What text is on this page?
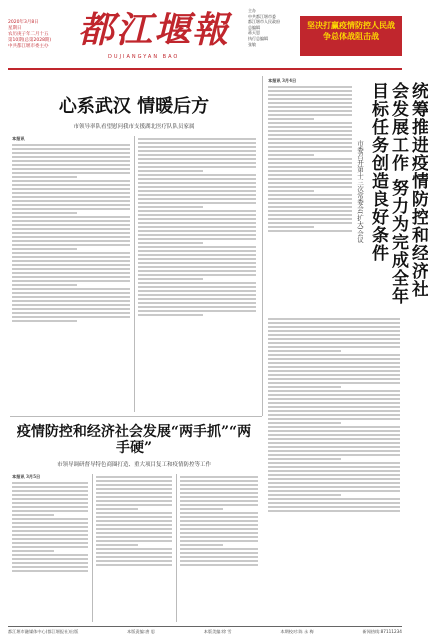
2020年3月8日
星期日
农历庚子年二月十五
第10期(总第2028期)
中共都江堰市委主办 都江堰報
DUJIANGYAN BAO
主办
中共都江堰市委
都江堰市人民政府
总编辑
蒋天恩
执行总编辑
张敏
坚决打赢疫情防控人民战争总体战阻击战
心系武汉 情暖后方
市领导率队看望慰问我市支援湖北医疗队队员家属
本报讯	统筹推进疫情防控和经济社会发展工作 努力为完成全年目标任务创造良好条件
市委召开第十三次常委会(扩大)会议
本报讯 3月4日
疫情防控和经济社会发展“两手抓”“两手硬”
市领导调研督导特色商圈打造、重大项目复工和疫情防控等工作
本报讯 3月5日
都江堰市融媒体中心(都江堰报社)出版	本版责编:唐 思	本版美编:徐 雪	本期校对:陈 永 梅	新闻热线:87111234
